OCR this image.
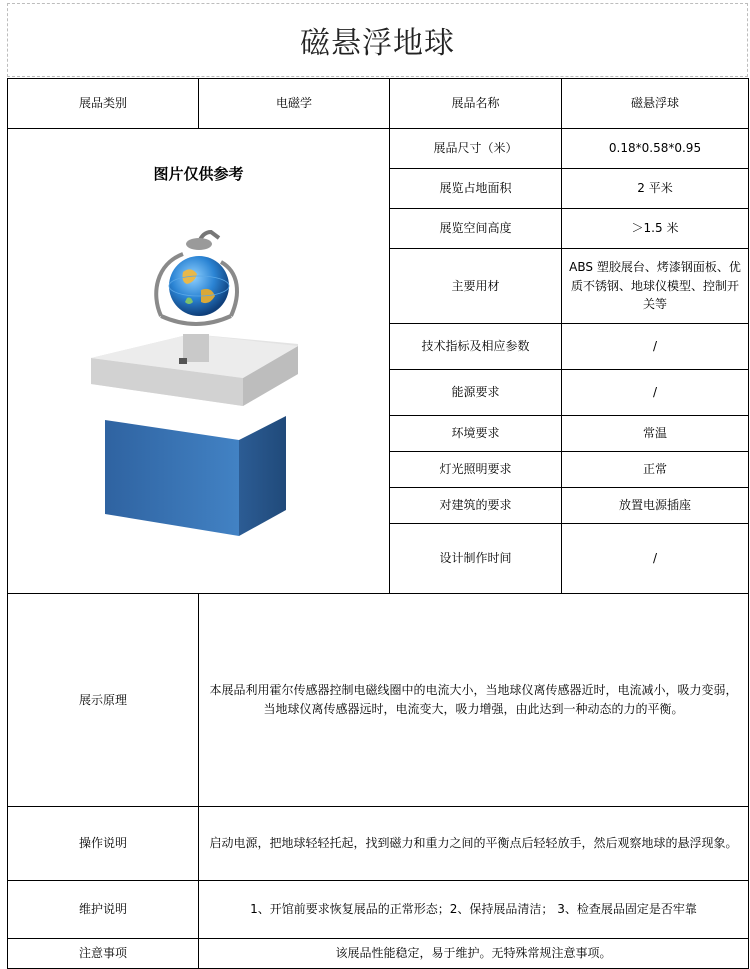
磁悬浮地球
展品类别	电磁学	展品名称	磁悬浮球

图片仅供参考		展品尺寸（米）	0.18*0.58*0.95
		展览占地面积	2 平米
		展览空间高度	＞1.5 米
		主要用材	ABS 塑胶展台、烤漆钢面板、优质不锈钢、地球仪模型、控制开关等
		技术指标及相应参数	/
		能源要求	/
		环境要求	常温
		灯光照明要求	正常
		对建筑的要求	放置电源插座
		设计制作时间	/
展示原理	本展品利用霍尔传感器控制电磁线圈中的电流大小，当地球仪离传感器近时，电流减小，吸力变弱，当地球仪离传感器远时，电流变大，吸力增强，由此达到一种动态的力的平衡。		
操作说明	启动电源，把地球轻轻托起，找到磁力和重力之间的平衡点后轻轻放手，然后观察地球的悬浮现象。		
维护说明	1、开馆前要求恢复展品的正常形态；2、保持展品清洁； 3、检查展品固定是否牢靠		
注意事项	该展品性能稳定，易于维护。无特殊常规注意事项。		
